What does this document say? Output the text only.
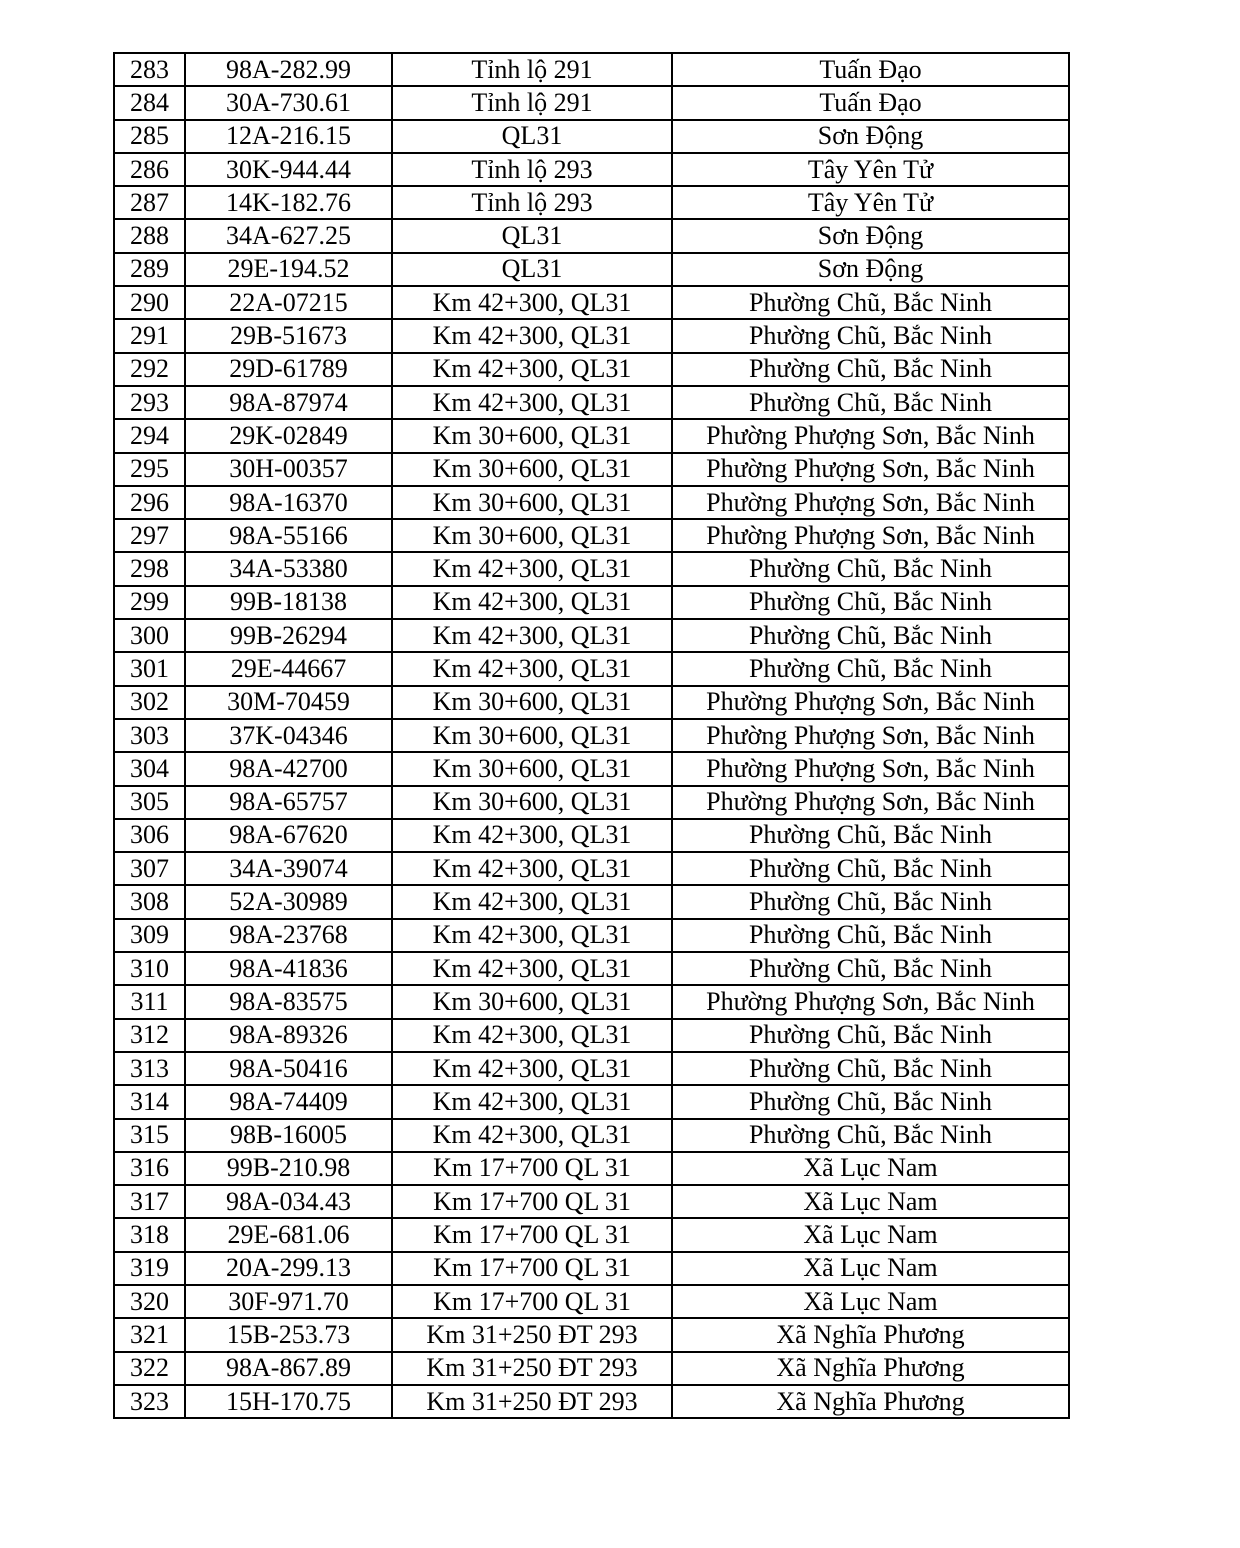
283	98A-282.99	Tỉnh lộ 291	Tuấn Đạo
284	30A-730.61	Tỉnh lộ 291	Tuấn Đạo
285	12A-216.15	QL31	Sơn Động
286	30K-944.44	Tỉnh lộ 293	Tây Yên Tử
287	14K-182.76	Tỉnh lộ 293	Tây Yên Tử
288	34A-627.25	QL31	Sơn Động
289	29E-194.52	QL31	Sơn Động
290	22A-07215	Km 42+300, QL31	Phường Chũ, Bắc Ninh
291	29B-51673	Km 42+300, QL31	Phường Chũ, Bắc Ninh
292	29D-61789	Km 42+300, QL31	Phường Chũ, Bắc Ninh
293	98A-87974	Km 42+300, QL31	Phường Chũ, Bắc Ninh
294	29K-02849	Km 30+600, QL31	Phường Phượng Sơn, Bắc Ninh
295	30H-00357	Km 30+600, QL31	Phường Phượng Sơn, Bắc Ninh
296	98A-16370	Km 30+600, QL31	Phường Phượng Sơn, Bắc Ninh
297	98A-55166	Km 30+600, QL31	Phường Phượng Sơn, Bắc Ninh
298	34A-53380	Km 42+300, QL31	Phường Chũ, Bắc Ninh
299	99B-18138	Km 42+300, QL31	Phường Chũ, Bắc Ninh
300	99B-26294	Km 42+300, QL31	Phường Chũ, Bắc Ninh
301	29E-44667	Km 42+300, QL31	Phường Chũ, Bắc Ninh
302	30M-70459	Km 30+600, QL31	Phường Phượng Sơn, Bắc Ninh
303	37K-04346	Km 30+600, QL31	Phường Phượng Sơn, Bắc Ninh
304	98A-42700	Km 30+600, QL31	Phường Phượng Sơn, Bắc Ninh
305	98A-65757	Km 30+600, QL31	Phường Phượng Sơn, Bắc Ninh
306	98A-67620	Km 42+300, QL31	Phường Chũ, Bắc Ninh
307	34A-39074	Km 42+300, QL31	Phường Chũ, Bắc Ninh
308	52A-30989	Km 42+300, QL31	Phường Chũ, Bắc Ninh
309	98A-23768	Km 42+300, QL31	Phường Chũ, Bắc Ninh
310	98A-41836	Km 42+300, QL31	Phường Chũ, Bắc Ninh
311	98A-83575	Km 30+600, QL31	Phường Phượng Sơn, Bắc Ninh
312	98A-89326	Km 42+300, QL31	Phường Chũ, Bắc Ninh
313	98A-50416	Km 42+300, QL31	Phường Chũ, Bắc Ninh
314	98A-74409	Km 42+300, QL31	Phường Chũ, Bắc Ninh
315	98B-16005	Km 42+300, QL31	Phường Chũ, Bắc Ninh
316	99B-210.98	Km 17+700 QL 31	Xã Lục Nam
317	98A-034.43	Km 17+700 QL 31	Xã Lục Nam
318	29E-681.06	Km 17+700 QL 31	Xã Lục Nam
319	20A-299.13	Km 17+700 QL 31	Xã Lục Nam
320	30F-971.70	Km 17+700 QL 31	Xã Lục Nam
321	15B-253.73	Km 31+250 ĐT 293	Xã Nghĩa Phương
322	98A-867.89	Km 31+250 ĐT 293	Xã Nghĩa Phương
323	15H-170.75	Km 31+250 ĐT 293	Xã Nghĩa Phương
